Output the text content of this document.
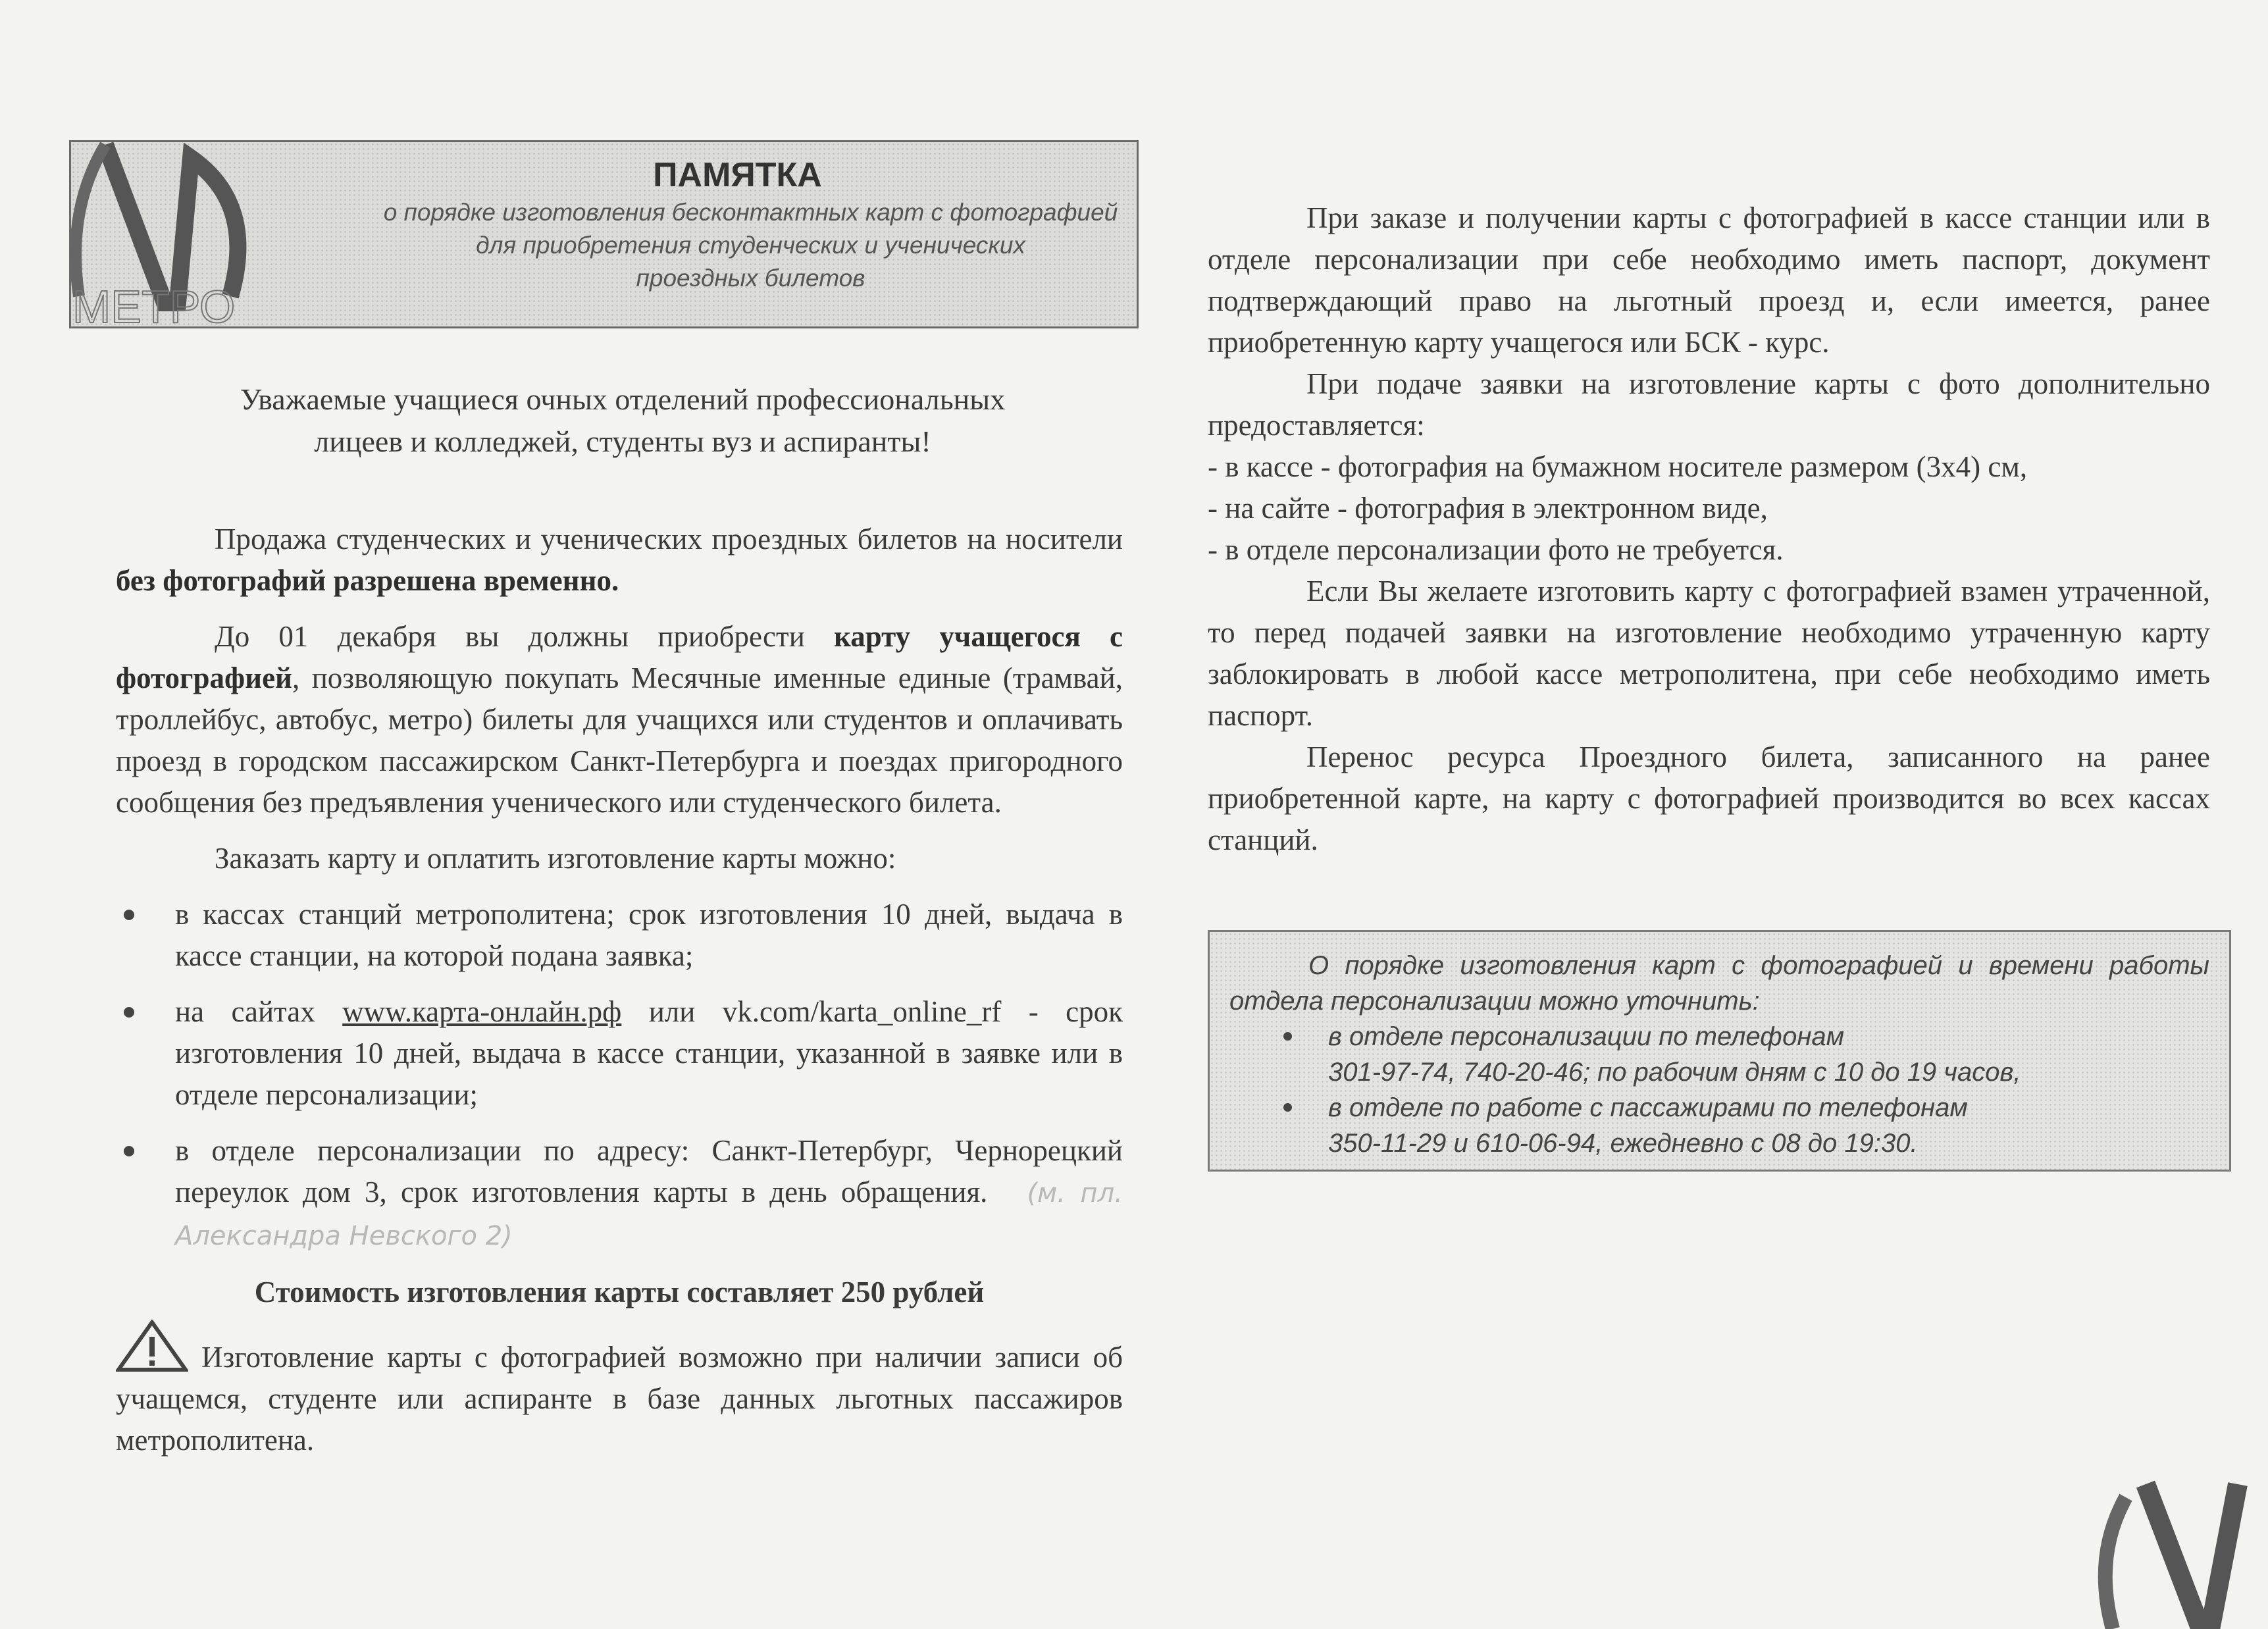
ПАМЯТКА
о порядке изготовления бесконтактных карт с фотографией
для приобретения студенческих и ученических
проездных билетов
МЕТРО
Уважаемые учащиеся очных отделений профессиональных
лицеев и колледжей, студенты вуз и аспиранты!

Продажа студенческих и ученических проездных билетов на носители без фотографий разрешена временно.

До 01 декабря вы должны приобрести карту учащегося с фотографией, позволяющую покупать Месячные именные единые (трамвай, троллейбус, автобус, метро) билеты для учащихся или студентов и оплачивать проезд в городском пассажирском Санкт-Петербурга и поездах пригородного сообщения без предъявления ученического или студенческого билета.

Заказать карту и оплатить изготовление карты можно:

в кассах станций метрополитена; срок изготовления 10 дней, выдача в кассе станции, на которой подана заявка;
на сайтах www.карта-онлайн.рф или vk.com/karta_online_rf - срок изготовления 10 дней, выдача в кассе станции, указанной в заявке или в отделе персонализации;
в отделе персонализации по адресу: Санкт-Петербург, Чернорецкий переулок дом 3, срок изготовления карты в день обращения. (м. пл. Александра Невского 2)
Стоимость изготовления карты составляет 250 рублей

Изготовление карты с фотографией возможно при наличии записи об учащемся, студенте или аспиранте в базе данных льготных пассажиров метрополитена.

При заказе и получении карты с фотографией в кассе станции или в отделе персонализации при себе необходимо иметь паспорт, документ подтверждающий право на льготный проезд и, если имеется, ранее приобретенную карту учащегося или БСК - курс.

При подаче заявки на изготовление карты с фото дополнительно предоставляется:

- в кассе - фотография на бумажном носителе размером (3х4) см,
- на сайте - фотография в электронном виде,
- в отделе персонализации фото не требуется.

Если Вы желаете изготовить карту с фотографией взамен утраченной, то перед подачей заявки на изготовление необходимо утраченную карту заблокировать в любой кассе метрополитена, при себе необходимо иметь паспорт.

Перенос ресурса Проездного билета, записанного на ранее приобретенной карте, на карту с фотографией производится во всех кассах станций.

О порядке изготовления карт с фотографией и времени работы отдела персонализации можно уточнить:

в отделе персонализации по телефонам
301-97-74, 740-20-46; по рабочим дням с 10 до 19 часов,
в отделе по работе с пассажирами по телефонам
350-11-29 и 610-06-94, ежедневно с 08 до 19:30.
